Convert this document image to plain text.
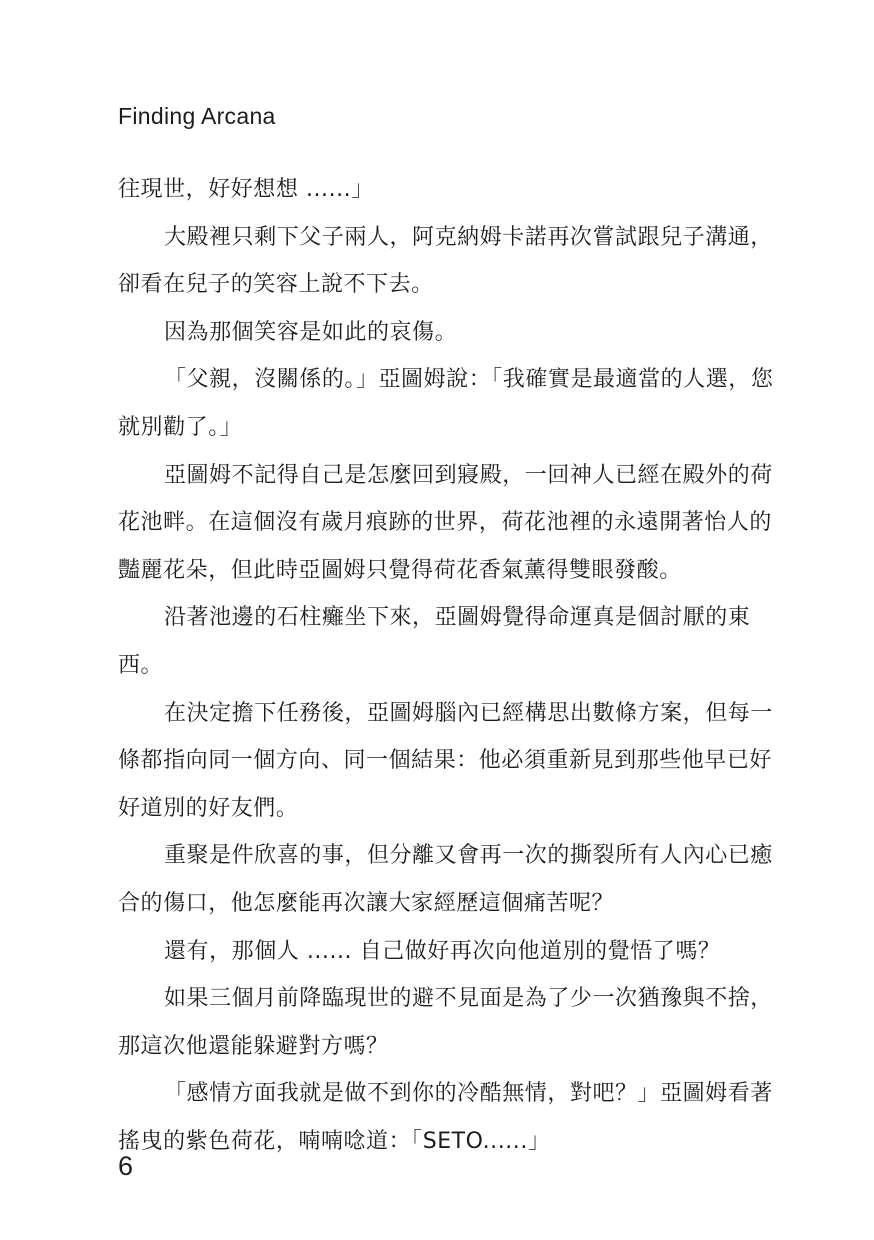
Finding Arcana

往現世，好好想想 ......」

大殿裡只剩下父子兩人，阿克納姆卡諾再次嘗試跟兒子溝通，卻看在兒子的笑容上說不下去。

因為那個笑容是如此的哀傷。

「父親，沒關係的。」亞圖姆說：「我確實是最適當的人選，您就別勸了。」

亞圖姆不記得自己是怎麼回到寢殿，一回神人已經在殿外的荷花池畔。在這個沒有歲月痕跡的世界，荷花池裡的永遠開著怡人的豔麗花朵，但此時亞圖姆只覺得荷花香氣薰得雙眼發酸。

沿著池邊的石柱癱坐下來，亞圖姆覺得命運真是個討厭的東西。

在決定擔下任務後，亞圖姆腦內已經構思出數條方案，但每一條都指向同一個方向、同一個結果：他必須重新見到那些他早已好好道別的好友們。

重聚是件欣喜的事，但分離又會再一次的撕裂所有人內心已癒合的傷口，他怎麼能再次讓大家經歷這個痛苦呢？

還有，那個人 ...... 自己做好再次向他道別的覺悟了嗎？

如果三個月前降臨現世的避不見面是為了少一次猶豫與不捨，那這次他還能躲避對方嗎？

「感情方面我就是做不到你的冷酷無情，對吧？」亞圖姆看著搖曳的紫色荷花，喃喃唸道：「SETO......」

6
